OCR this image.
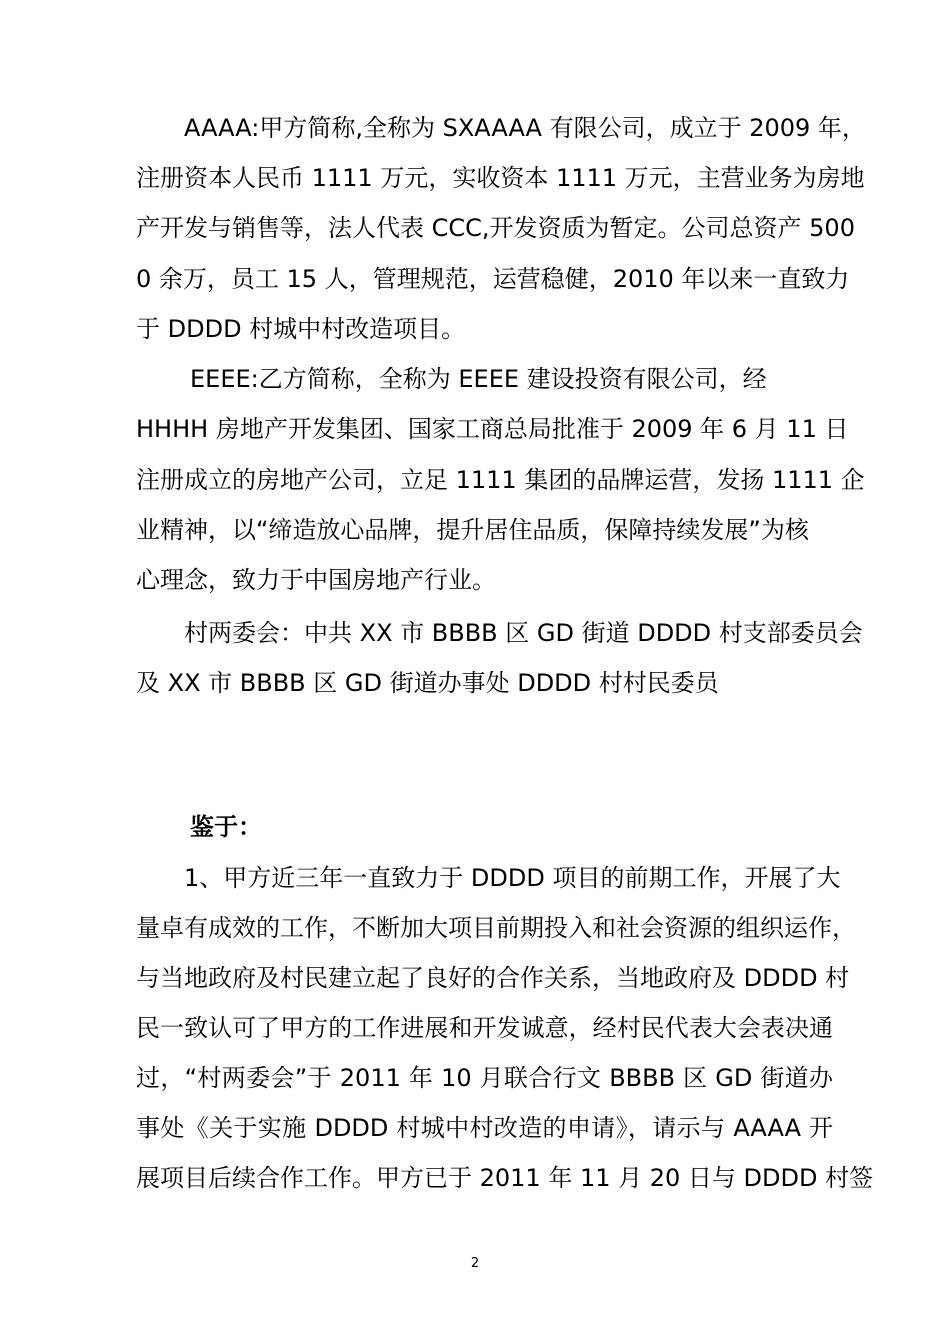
AAAA:甲方简称,全称为 SXAAAA 有限公司，成立于 2009 年，
注册资本人民币 1111 万元，实收资本 1111 万元，主营业务为房地
产开发与销售等，法人代表 CCC,开发资质为暂定。公司总资产 500
0 余万，员工 15 人，管理规范，运营稳健，2010 年以来一直致力
于 DDDD 村城中村改造项目。
EEEE:乙方简称，全称为 EEEE 建设投资有限公司，经
HHHH 房地产开发集团、国家工商总局批准于 2009 年 6 月 11 日
注册成立的房地产公司，立足 1111 集团的品牌运营，发扬 1111 企
业精神，以“缔造放心品牌，提升居住品质，保障持续发展”为核
心理念，致力于中国房地产行业。
村两委会：中共 XX 市 BBBB 区 GD 街道 DDDD 村支部委员会
及 XX 市 BBBB 区 GD 街道办事处 DDDD 村村民委员
鉴于：
1、甲方近三年一直致力于 DDDD 项目的前期工作，开展了大
量卓有成效的工作，不断加大项目前期投入和社会资源的组织运作，
与当地政府及村民建立起了良好的合作关系，当地政府及 DDDD 村
民一致认可了甲方的工作进展和开发诚意，经村民代表大会表决通
过，“村两委会”于 2011 年 10 月联合行文 BBBB 区 GD 街道办
事处《关于实施 DDDD 村城中村改造的申请》，请示与 AAAA 开
展项目后续合作工作。甲方已于 2011 年 11 月 20 日与 DDDD 村签
2
